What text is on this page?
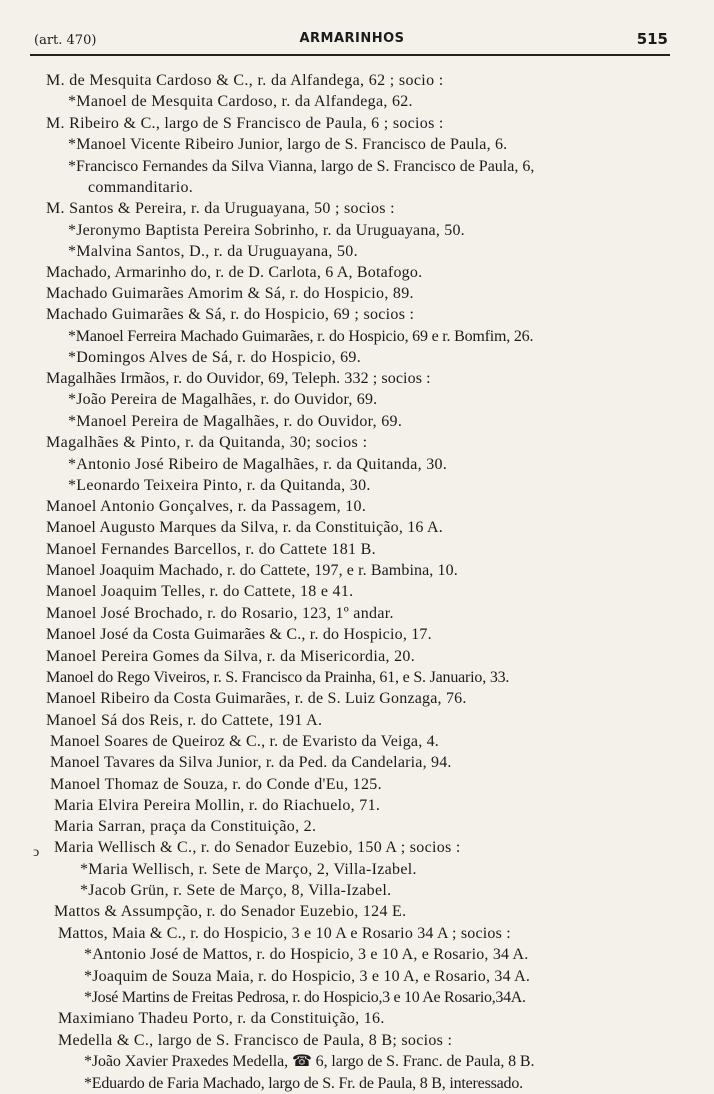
(art. 470)	ARMARINHOS	515
ↄ
M. de Mesquita Cardoso & C., r. da Alfandega, 62 ; socio :
*Manoel de Mesquita Cardoso, r. da Alfandega, 62.
M. Ribeiro & C., largo de S Francisco de Paula, 6 ; socios :
*Manoel Vicente Ribeiro Junior, largo de S. Francisco de Paula, 6.
*Francisco Fernandes da Silva Vianna, largo de S. Francisco de Paula, 6,
commanditario.
M. Santos & Pereira, r. da Uruguayana, 50 ; socios :
*Jeronymo Baptista Pereira Sobrinho, r. da Uruguayana, 50.
*Malvina Santos, D., r. da Uruguayana, 50.
Machado, Armarinho do, r. de D. Carlota, 6 A, Botafogo.
Machado Guimarães Amorim & Sá, r. do Hospicio, 89.
Machado Guimarães & Sá, r. do Hospicio, 69 ; socios :
*Manoel Ferreira Machado Guimarães, r. do Hospicio, 69 e r. Bomfim, 26.
*Domingos Alves de Sá, r. do Hospicio, 69.
Magalhães Irmãos, r. do Ouvidor, 69, Teleph. 332 ; socios :
*João Pereira de Magalhães, r. do Ouvidor, 69.
*Manoel Pereira de Magalhães, r. do Ouvidor, 69.
Magalhães & Pinto, r. da Quitanda, 30; socios :
*Antonio José Ribeiro de Magalhães, r. da Quitanda, 30.
*Leonardo Teixeira Pinto, r. da Quitanda, 30.
Manoel Antonio Gonçalves, r. da Passagem, 10.
Manoel Augusto Marques da Silva, r. da Constituição, 16 A.
Manoel Fernandes Barcellos, r. do Cattete 181 B.
Manoel Joaquim Machado, r. do Cattete, 197, e r. Bambina, 10.
Manoel Joaquim Telles, r. do Cattete, 18 e 41.
Manoel José Brochado, r. do Rosario, 123, 1º andar.
Manoel José da Costa Guimarães & C., r. do Hospicio, 17.
Manoel Pereira Gomes da Silva, r. da Misericordia, 20.
Manoel do Rego Viveiros, r. S. Francisco da Prainha, 61, e S. Januario, 33.
Manoel Ribeiro da Costa Guimarães, r. de S. Luiz Gonzaga, 76.
Manoel Sá dos Reis, r. do Cattete, 191 A.
Manoel Soares de Queiroz & C., r. de Evaristo da Veiga, 4.
Manoel Tavares da Silva Junior, r. da Ped. da Candelaria, 94.
Manoel Thomaz de Souza, r. do Conde d'Eu, 125.
Maria Elvira Pereira Mollin, r. do Riachuelo, 71.
Maria Sarran, praça da Constituição, 2.
Maria Wellisch & C., r. do Senador Euzebio, 150 A ; socios :
*Maria Wellisch, r. Sete de Março, 2, Villa-Izabel.
*Jacob Grün, r. Sete de Março, 8, Villa-Izabel.
Mattos & Assumpção, r. do Senador Euzebio, 124 E.
Mattos, Maia & C., r. do Hospicio, 3 e 10 A e Rosario 34 A ; socios :
*Antonio José de Mattos, r. do Hospicio, 3 e 10 A, e Rosario, 34 A.
*Joaquim de Souza Maia, r. do Hospicio, 3 e 10 A, e Rosario, 34 A.
*José Martins de Freitas Pedrosa, r. do Hospicio,3 e 10 Ae Rosario,34A.
Maximiano Thadeu Porto, r. da Constituição, 16.
Medella & C., largo de S. Francisco de Paula, 8 B; socios :
*João Xavier Praxedes Medella, ☎ 6, largo de S. Franc. de Paula, 8 B.
*Eduardo de Faria Machado, largo de S. Fr. de Paula, 8 B, interessado.
